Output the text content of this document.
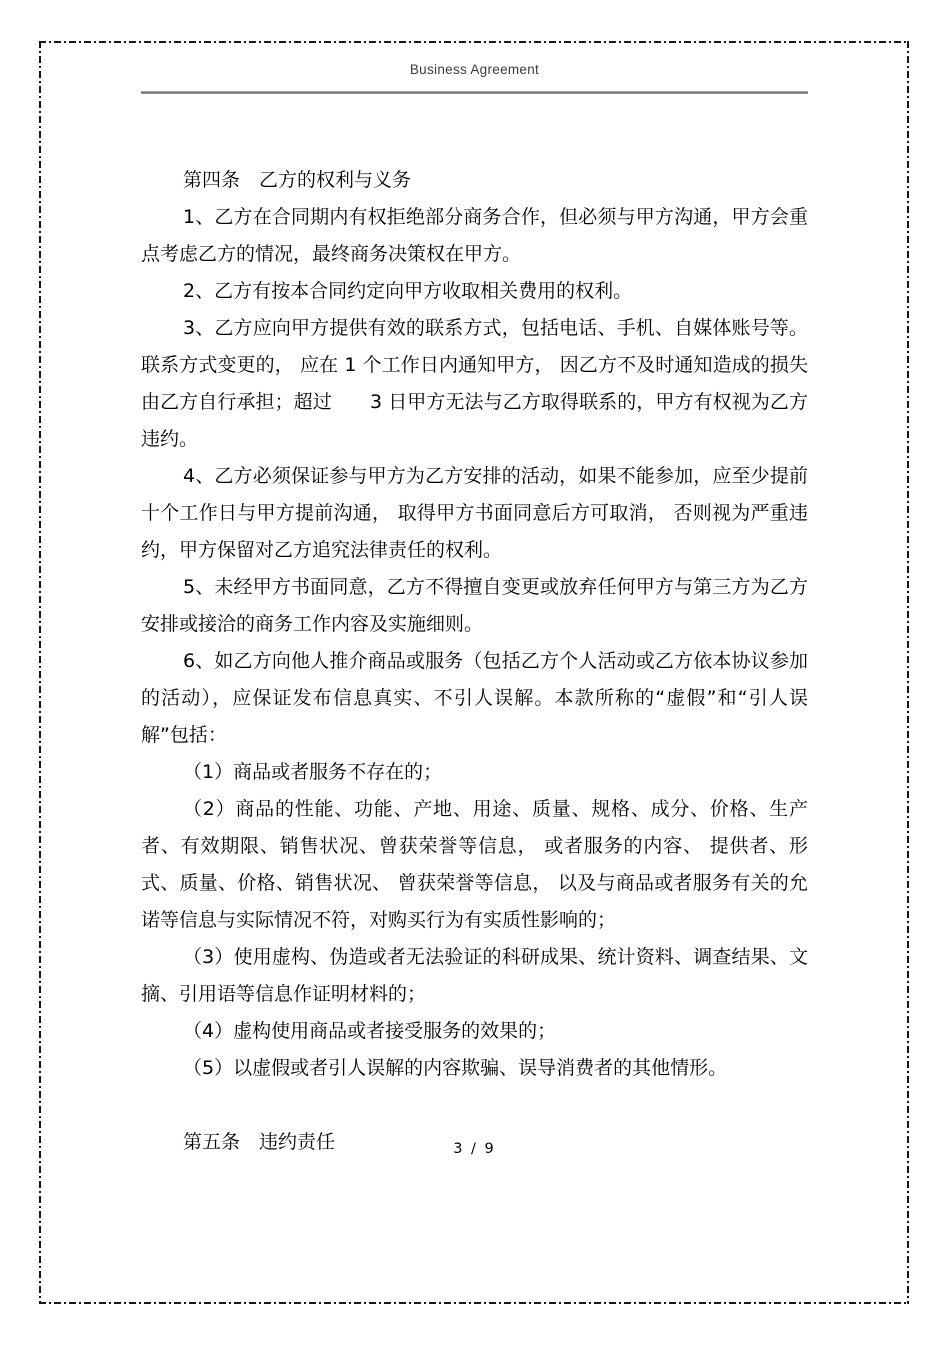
Business Agreement

第四条　乙方的权利与义务

1、乙方在合同期内有权拒绝部分商务合作，但必须与甲方沟通，甲方会重点考虑乙方的情况，最终商务决策权在甲方。

2、乙方有按本合同约定向甲方收取相关费用的权利。

3、乙方应向甲方提供有效的联系方式，包括电话、手机、自媒体账号等。 联系方式变更的， 应在 1 个工作日内通知甲方， 因乙方不及时通知造成的损失由乙方自行承担；超过　　3 日甲方无法与乙方取得联系的，甲方有权视为乙方违约。

4、乙方必须保证参与甲方为乙方安排的活动，如果不能参加，应至少提前十个工作日与甲方提前沟通， 取得甲方书面同意后方可取消， 否则视为严重违约，甲方保留对乙方追究法律责任的权利。

5、未经甲方书面同意，乙方不得擅自变更或放弃任何甲方与第三方为乙方安排或接洽的商务工作内容及实施细则。

6、如乙方向他人推介商品或服务（包括乙方个人活动或乙方依本协议参加的活动），应保证发布信息真实、不引人误解。本款所称的“虚假”和“引人误解”包括：

（1）商品或者服务不存在的；

（2）商品的性能、功能、产地、用途、质量、规格、成分、价格、生产者、有效期限、销售状况、曾获荣誉等信息， 或者服务的内容、 提供者、形式、质量、价格、销售状况、 曾获荣誉等信息， 以及与商品或者服务有关的允诺等信息与实际情况不符，对购买行为有实质性影响的；

（3）使用虚构、伪造或者无法验证的科研成果、统计资料、调查结果、文摘、引用语等信息作证明材料的；

（4）虚构使用商品或者接受服务的效果的；

（5）以虚假或者引人误解的内容欺骗、误导消费者的其他情形。

第五条　违约责任	3 / 9
